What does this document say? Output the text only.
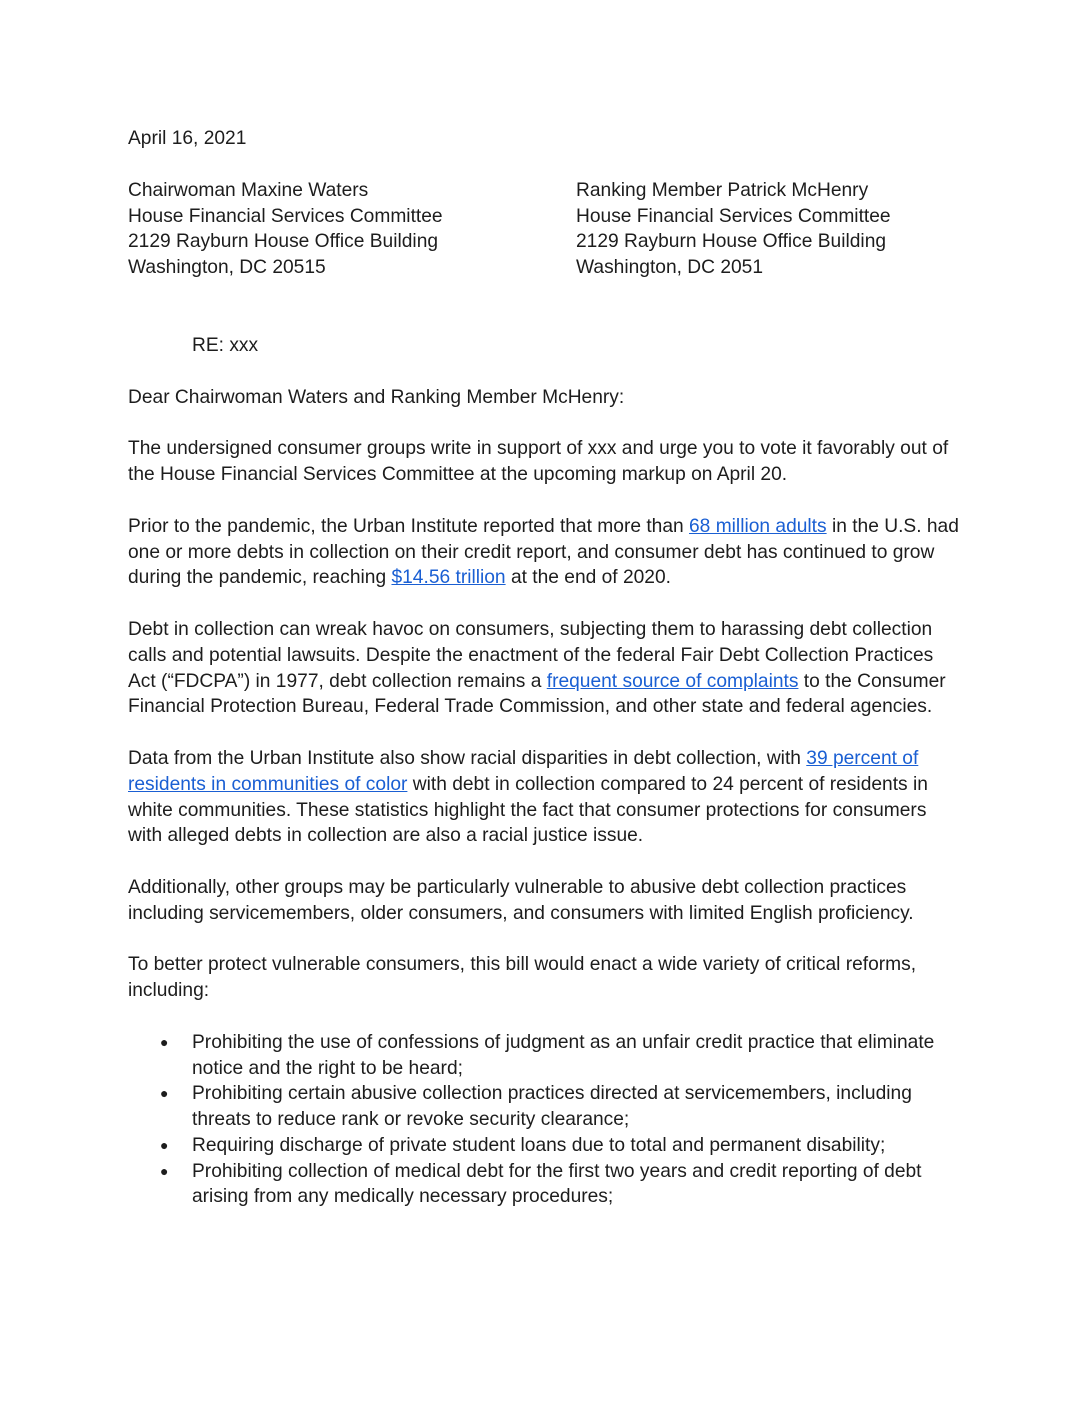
April 16, 2021

Chairwoman Maxine Waters
House Financial Services Committee
2129 Rayburn House Office Building
Washington, DC 20515
Ranking Member Patrick McHenry
House Financial Services Committee
2129 Rayburn House Office Building
Washington, DC 2051

RE: xxx

Dear Chairwoman Waters and Ranking Member McHenry:

The undersigned consumer groups write in support of xxx and urge you to vote it favorably out of the House Financial Services Committee at the upcoming markup on April 20.

Prior to the pandemic, the Urban Institute reported that more than 68 million adults in the U.S. had one or more debts in collection on their credit report, and consumer debt has continued to grow during the pandemic, reaching $14.56 trillion at the end of 2020.

Debt in collection can wreak havoc on consumers, subjecting them to harassing debt collection calls and potential lawsuits. Despite the enactment of the federal Fair Debt Collection Practices Act (“FDCPA”) in 1977, debt collection remains a frequent source of complaints to the Consumer Financial Protection Bureau, Federal Trade Commission, and other state and federal agencies.

Data from the Urban Institute also show racial disparities in debt collection, with 39 percent of residents in communities of color with debt in collection compared to 24 percent of residents in white communities. These statistics highlight the fact that consumer protections for consumers with alleged debts in collection are also a racial justice issue.

Additionally, other groups may be particularly vulnerable to abusive debt collection practices including servicemembers, older consumers, and consumers with limited English proficiency.

To better protect vulnerable consumers, this bill would enact a wide variety of critical reforms, including:

● Prohibiting the use of confessions of judgment as an unfair credit practice that eliminate notice and the right to be heard;
● Prohibiting certain abusive collection practices directed at servicemembers, including threats to reduce rank or revoke security clearance;
● Requiring discharge of private student loans due to total and permanent disability;
● Prohibiting collection of medical debt for the first two years and credit reporting of debt arising from any medically necessary procedures;
